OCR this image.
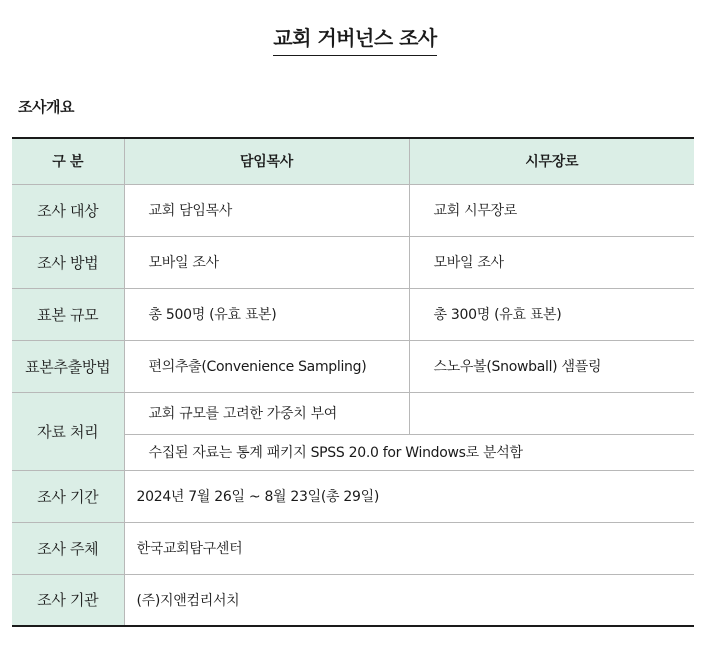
교회 거버넌스 조사
조사개요
구 분	담임목사	시무장로
조사 대상	교회 담임목사	교회 시무장로
조사 방법	모바일 조사	모바일 조사
표본 규모	총 500명 (유효 표본)	총 300명 (유효 표본)
표본추출방법	편의추출(Convenience Sampling)	스노우볼(Snowball) 샘플링
자료 처리	교회 규모를 고려한 가중치 부여	
	수집된 자료는 통계 패키지 SPSS 20.0 for Windows로 분석함	
조사 기간	2024년 7월 26일 ~ 8월 23일(총 29일)	
조사 주체	한국교회탐구센터	
조사 기관	(주)지앤컴리서치	
